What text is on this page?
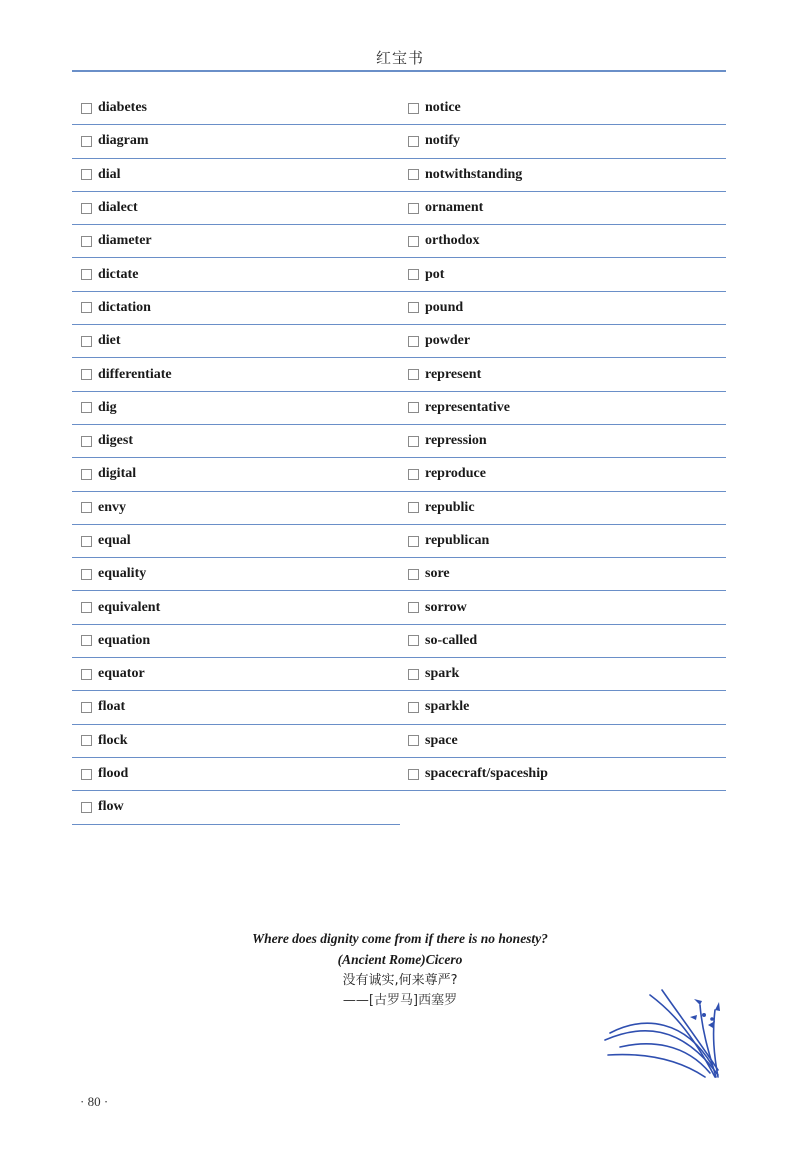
红宝书
diabetes
diagram
dial
dialect
diameter
dictate
dictation
diet
differentiate
dig
digest
digital
envy
equal
equality
equivalent
equation
equator
float
flock
flood
flow
notice
notify
notwithstanding
ornament
orthodox
pot
pound
powder
represent
representative
repression
reproduce
republic
republican
sore
sorrow
so-called
spark
sparkle
space
spacecraft/spaceship
Where does dignity come from if there is no honesty?
(Ancient Rome)Cicero
没有诚实,何来尊严?
——[古罗马]西塞罗
· 80 ·
